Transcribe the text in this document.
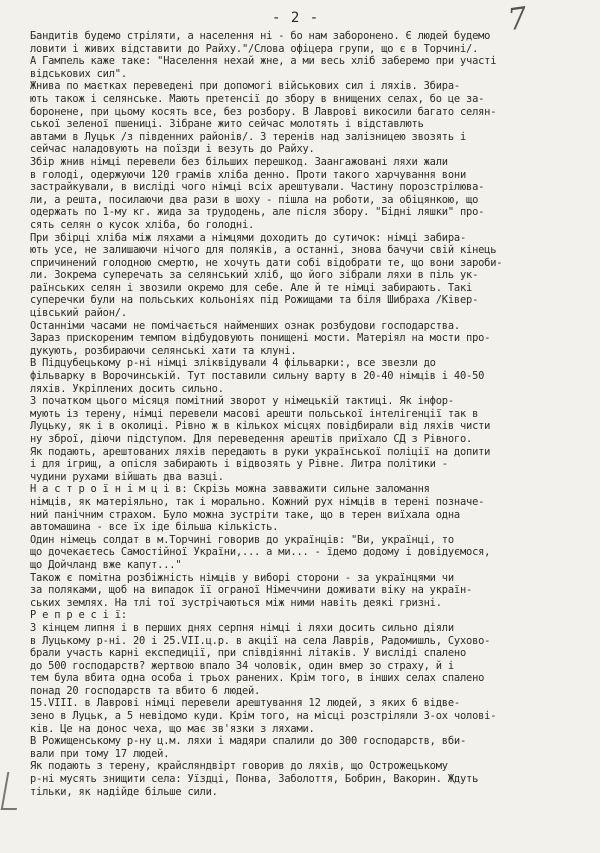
- 2 -	7
Бандитів будемо стріляти, а населення ні - бо нам заборонено. Є людей будемо
ловити і живих відставити до Райху."/Слова офіцера групи, що є в Торчині/.
А Гампель каже таке: "Населення нехай жне, а ми весь хліб заберемо при участі
відськових сил".
Жнива по маєтках переведені при допомогі військових сил і ляхів. Збира-
ють також і селянське. Мають претенсії до збору в внищених селах, бо це за-
боронене, при цьому косять все, без розбору. В Лаврові викосили багато селян-
ської зеленої пшениці. Зібране жито сейчас молотять і відставлють
автами в Луцьк /з південних районів/. З теренів над залізницею звозять і
сейчас наладовують на поїзди і везуть до Райху.
Збір жнив німці перевели без більших перешкод. Заангажовані ляхи жали
в голоді, одержуючи 120 грамів хліба денно. Проти такого харчування вони
застрайкували, в висліді чого німці всіх арештували. Частину порозстрілюва-
ли, а решта, посилаючи два рази в шоху - пішла на роботи, за обіцянкою, що
одержать по 1-му кг. жида за трудодень, але після збору. "Бідні ляшки" про-
сять селян о кусок хліба, бо голодні.
При збірці хліба між ляхами а німцями доходить до сутичок: німці забира-
ють усе, не залишаючи нічого для поляків, а останні, знова бачучи свій кінець
спричинений голодною смертю, не хочуть дати собі відобрати те, що вони зароби-
ли. Зокрема суперечать за селянський хліб, що його зібрали ляхи в піль ук-
раїнських селян і звозили окремо для себе. Але й те німці забирають. Такі
суперечки були на польських кольоніях під Рожищами та біля Шибраха /Ківер-
цівський район/.
Останніми часами не помічається найменших ознак розбудови господарства.
Зараз прискореним темпом відбудовують понищені мости. Матеріял на мости про-
дукують, розбираючи селянські хати та клуні.
В Підцубецькому р-ні німці зліквідували 4 фільварки:, все звезли до
фільварку в Ворочинській. Тут поставили сильну варту в 20-40 німців і 40-50
ляхів. Укріплених досить сильно.
З початком цього місяця помітний зворот у німецькій тактиці. Як інфор-
мують із терену, німці перевели масові арешти польської інтелігенції так в
Луцьку, як і в околиці. Рівно ж в кількох місцях повідбирали від ляхів чисти
ну зброї, діючи підступом. Для переведення арештів приїхало СД з Рівного.
Як подають, арештованих ляхів передають в руки української поліції на допити
і для ігрищ, а опісля забирають і відвозять у Рівне. Литра політики -
чудини рухами війшать два вазці.
Н а с т р о ї н і м ц і в: Скрізь можна завважити сильне заломання
німців, як матеріяльно, так і морально. Кожний рух німців в терені позначе-
ний панічним страхом. Було можна зустріти таке, що в терен виїхала одна
автомашина - все їх іде більша кількість.
Один німець солдат в м.Торчині говорив до українців: "Ви, українці, то
що дочекаєтесь Самостійної України,... а ми... - їдемо додому і довідуємося,
що Дойчланд вже капут..."
Також є помітна розбіжність німців у виборі сторони - за українцями чи
за поляками, щоб на випадок її ограної Німеччини доживати віку на україн-
ських землях. На тлі тої зустрічаються між ними навіть деякі гризні.
Р е п р е с і ї:
З кінцем липня і в перших днях серпня німці і ляхи досить сильно діяли
в Луцькому р-ні. 20 і 25.VII.ц.р. в акції на села Лаврів, Радомишль, Сухово-
брали участь карні експедиції, при співдіянні літаків. У висліді спалено
до 500 господарств? жертвою впало 34 чоловік, один вмер зо страху, й і
тем була вбита одна особа і трьох ранених. Крім того, в інших селах спалено
понад 20 господарств та вбито 6 людей.
15.VIII. в Лаврові німці перевели арештування 12 людей, з яких 6 відве-
зено в Луцьк, а 5 невідомо куди. Крім того, на місці розстріляли 3-ох чолові-
ків. Це на донос чеха, що має зв'язки з ляхами.
В Рожищенському р-ну ц.м. ляхи і мадяри спалили до 300 господарств, вби-
вали при тому 17 людей.
Як подають з терену, крайсляндвірт говорив до ляхів, що Острожецькому
р-ні мусять знищити села: Уїздці, Понва, Заболоття, Бобрин, Вакорин. Ждуть
тільки, як надійде більше сили.
